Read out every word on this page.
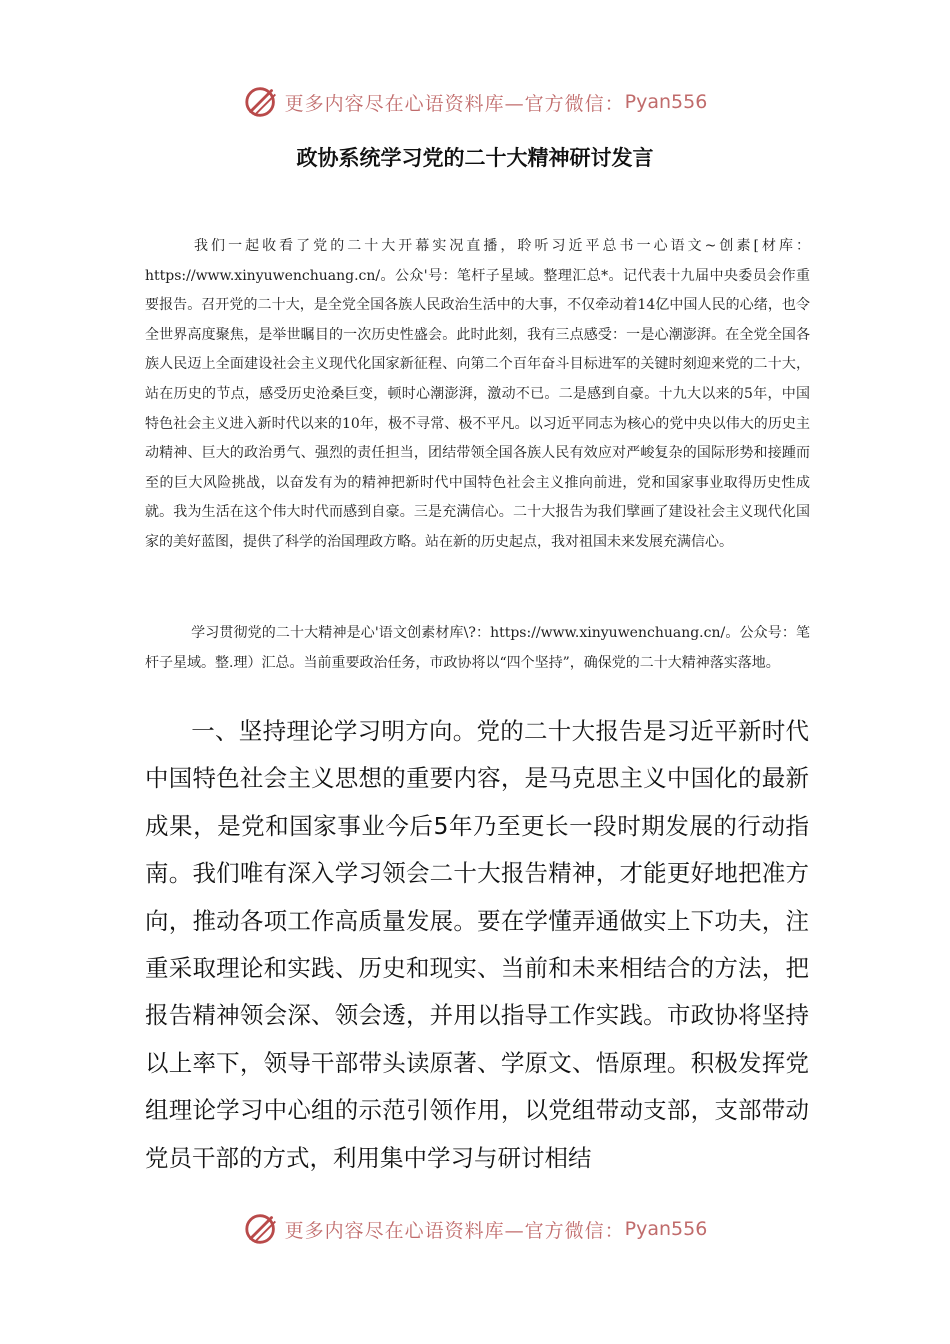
更多内容尽在心语资料库—官方微信： Pyan556
政协系统学习党的二十大精神研讨发言

我们一起收看了党的二十大开幕实况直播，聆听习近平总书一心语文~创素[材库：https://www.xinyuwenchuang.cn/。公众'号：笔杆子星域。整理汇总*。记代表十九届中央委员会作重要报告。召开党的二十大，是全党全国各族人民政治生活中的大事，不仅牵动着14亿中国人民的心绪，也令全世界高度聚焦，是举世瞩目的一次历史性盛会。此时此刻，我有三点感受：一是心潮澎湃。在全党全国各族人民迈上全面建设社会主义现代化国家新征程、向第二个百年奋斗目标进军的关键时刻迎来党的二十大，站在历史的节点，感受历史沧桑巨变，顿时心潮澎湃，激动不已。二是感到自豪。十九大以来的5年，中国特色社会主义进入新时代以来的10年，极不寻常、极不平凡。以习近平同志为核心的党中央以伟大的历史主动精神、巨大的政治勇气、强烈的责任担当，团结带领全国各族人民有效应对严峻复杂的国际形势和接踵而至的巨大风险挑战，以奋发有为的精神把新时代中国特色社会主义推向前进，党和国家事业取得历史性成就。我为生活在这个伟大时代而感到自豪。三是充满信心。二十大报告为我们擘画了建设社会主义现代化国家的美好蓝图，提供了科学的治国理政方略。站在新的历史起点，我对祖国未来发展充满信心。

学习贯彻党的二十大精神是心'语文创素材库\?：https://www.xinyuwenchuang.cn/。公众号：笔杆子星域。整.理）汇总。当前重要政治任务，市政协将以“四个坚持”，确保党的二十大精神落实落地。

一、坚持理论学习明方向。党的二十大报告是习近平新时代中国特色社会主义思想的重要内容，是马克思主义中国化的最新成果，是党和国家事业今后5年乃至更长一段时期发展的行动指南。我们唯有深入学习领会二十大报告精神，才能更好地把准方向，推动各项工作高质量发展。要在学懂弄通做实上下功夫，注重采取理论和实践、历史和现实、当前和未来相结合的方法，把报告精神领会深、领会透，并用以指导工作实践。市政协将坚持以上率下，领导干部带头读原著、学原文、悟原理。积极发挥党组理论学习中心组的示范引领作用，以党组带动支部，支部带动党员干部的方式，利用集中学习与研讨相结

更多内容尽在心语资料库—官方微信： Pyan556
